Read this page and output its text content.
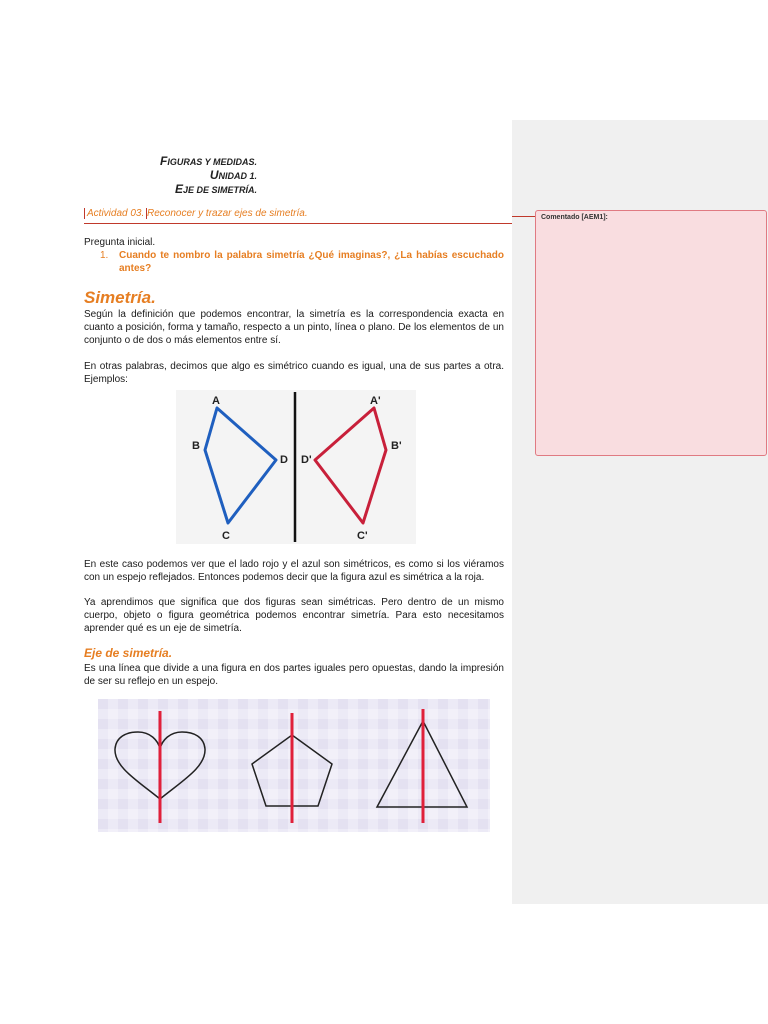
FIGURAS Y MEDIDAS.
UNIDAD 1.
EJE DE SIMETRÍA.
Actividad 03. Reconocer y trazar ejes de simetría.
Pregunta inicial.
1.	Cuando te nombro la palabra simetría ¿Qué imaginas?, ¿La habías escuchado antes?
Simetría.
Según la definición que podemos encontrar, la simetría es la correspondencia exacta en cuanto a posición, forma y tamaño, respecto a un pinto, línea o plano. De los elementos de un conjunto o de dos o más elementos entre sí.
En otras palabras, decimos que algo es simétrico cuando es igual, una de sus partes a otra. Ejemplos:
A
B
D
C
A'
B'
D'
C'
En este caso podemos ver que el lado rojo y el azul son simétricos, es como si los viéramos con un espejo reflejados. Entonces podemos decir que la figura azul es simétrica a la roja.
Ya aprendimos que significa que dos figuras sean simétricas. Pero dentro de un mismo cuerpo, objeto o figura geométrica podemos encontrar simetría. Para esto necesitamos aprender qué es un eje de simetría.
Eje de simetría.
Es una línea que divide a una figura en dos partes iguales pero opuestas, dando la impresión de ser su reflejo en un espejo.
Comentado [AEM1]:
